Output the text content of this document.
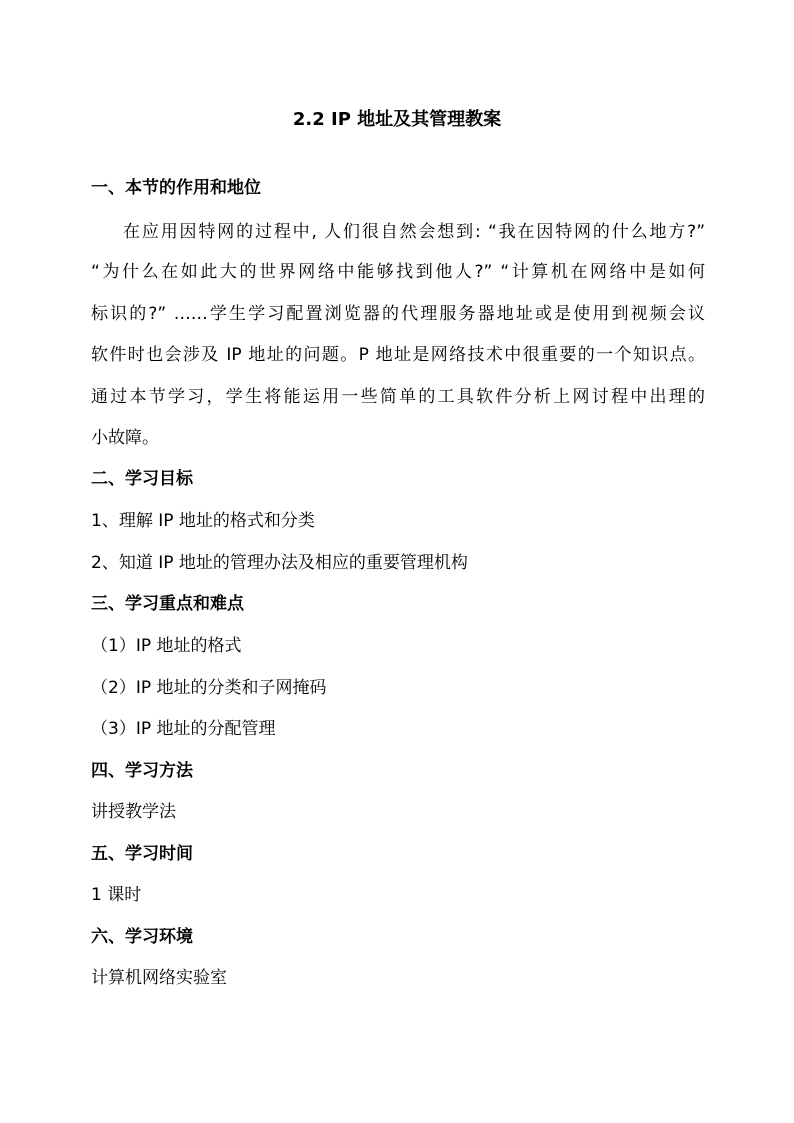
2.2 IP 地址及其管理教案
一、本节的作用和地位
在应用因特网的过程中, 人们很自然会想到: “我在因特网的什么地方?”
“为什么在如此大的世界网络中能够找到他人?” “计算机在网络中是如何
标识的?” ……学生学习配置浏览器的代理服务器地址或是使用到视频会议
软件时也会涉及 IP 地址的问题。P 地址是网络技术中很重要的一个知识点。
通过本节学习，学生将能运用一些简单的工具软件分析上网讨程中出理的
小故障。
二、学习目标
1、理解 IP 地址的格式和分类
2、知道 IP 地址的管理办法及相应的重要管理机构
三、学习重点和难点
（1）IP 地址的格式
（2）IP 地址的分类和子网掩码
（3）IP 地址的分配管理
四、学习方法
讲授教学法
五、学习时间
1 课时
六、学习环境
计算机网络实验室
